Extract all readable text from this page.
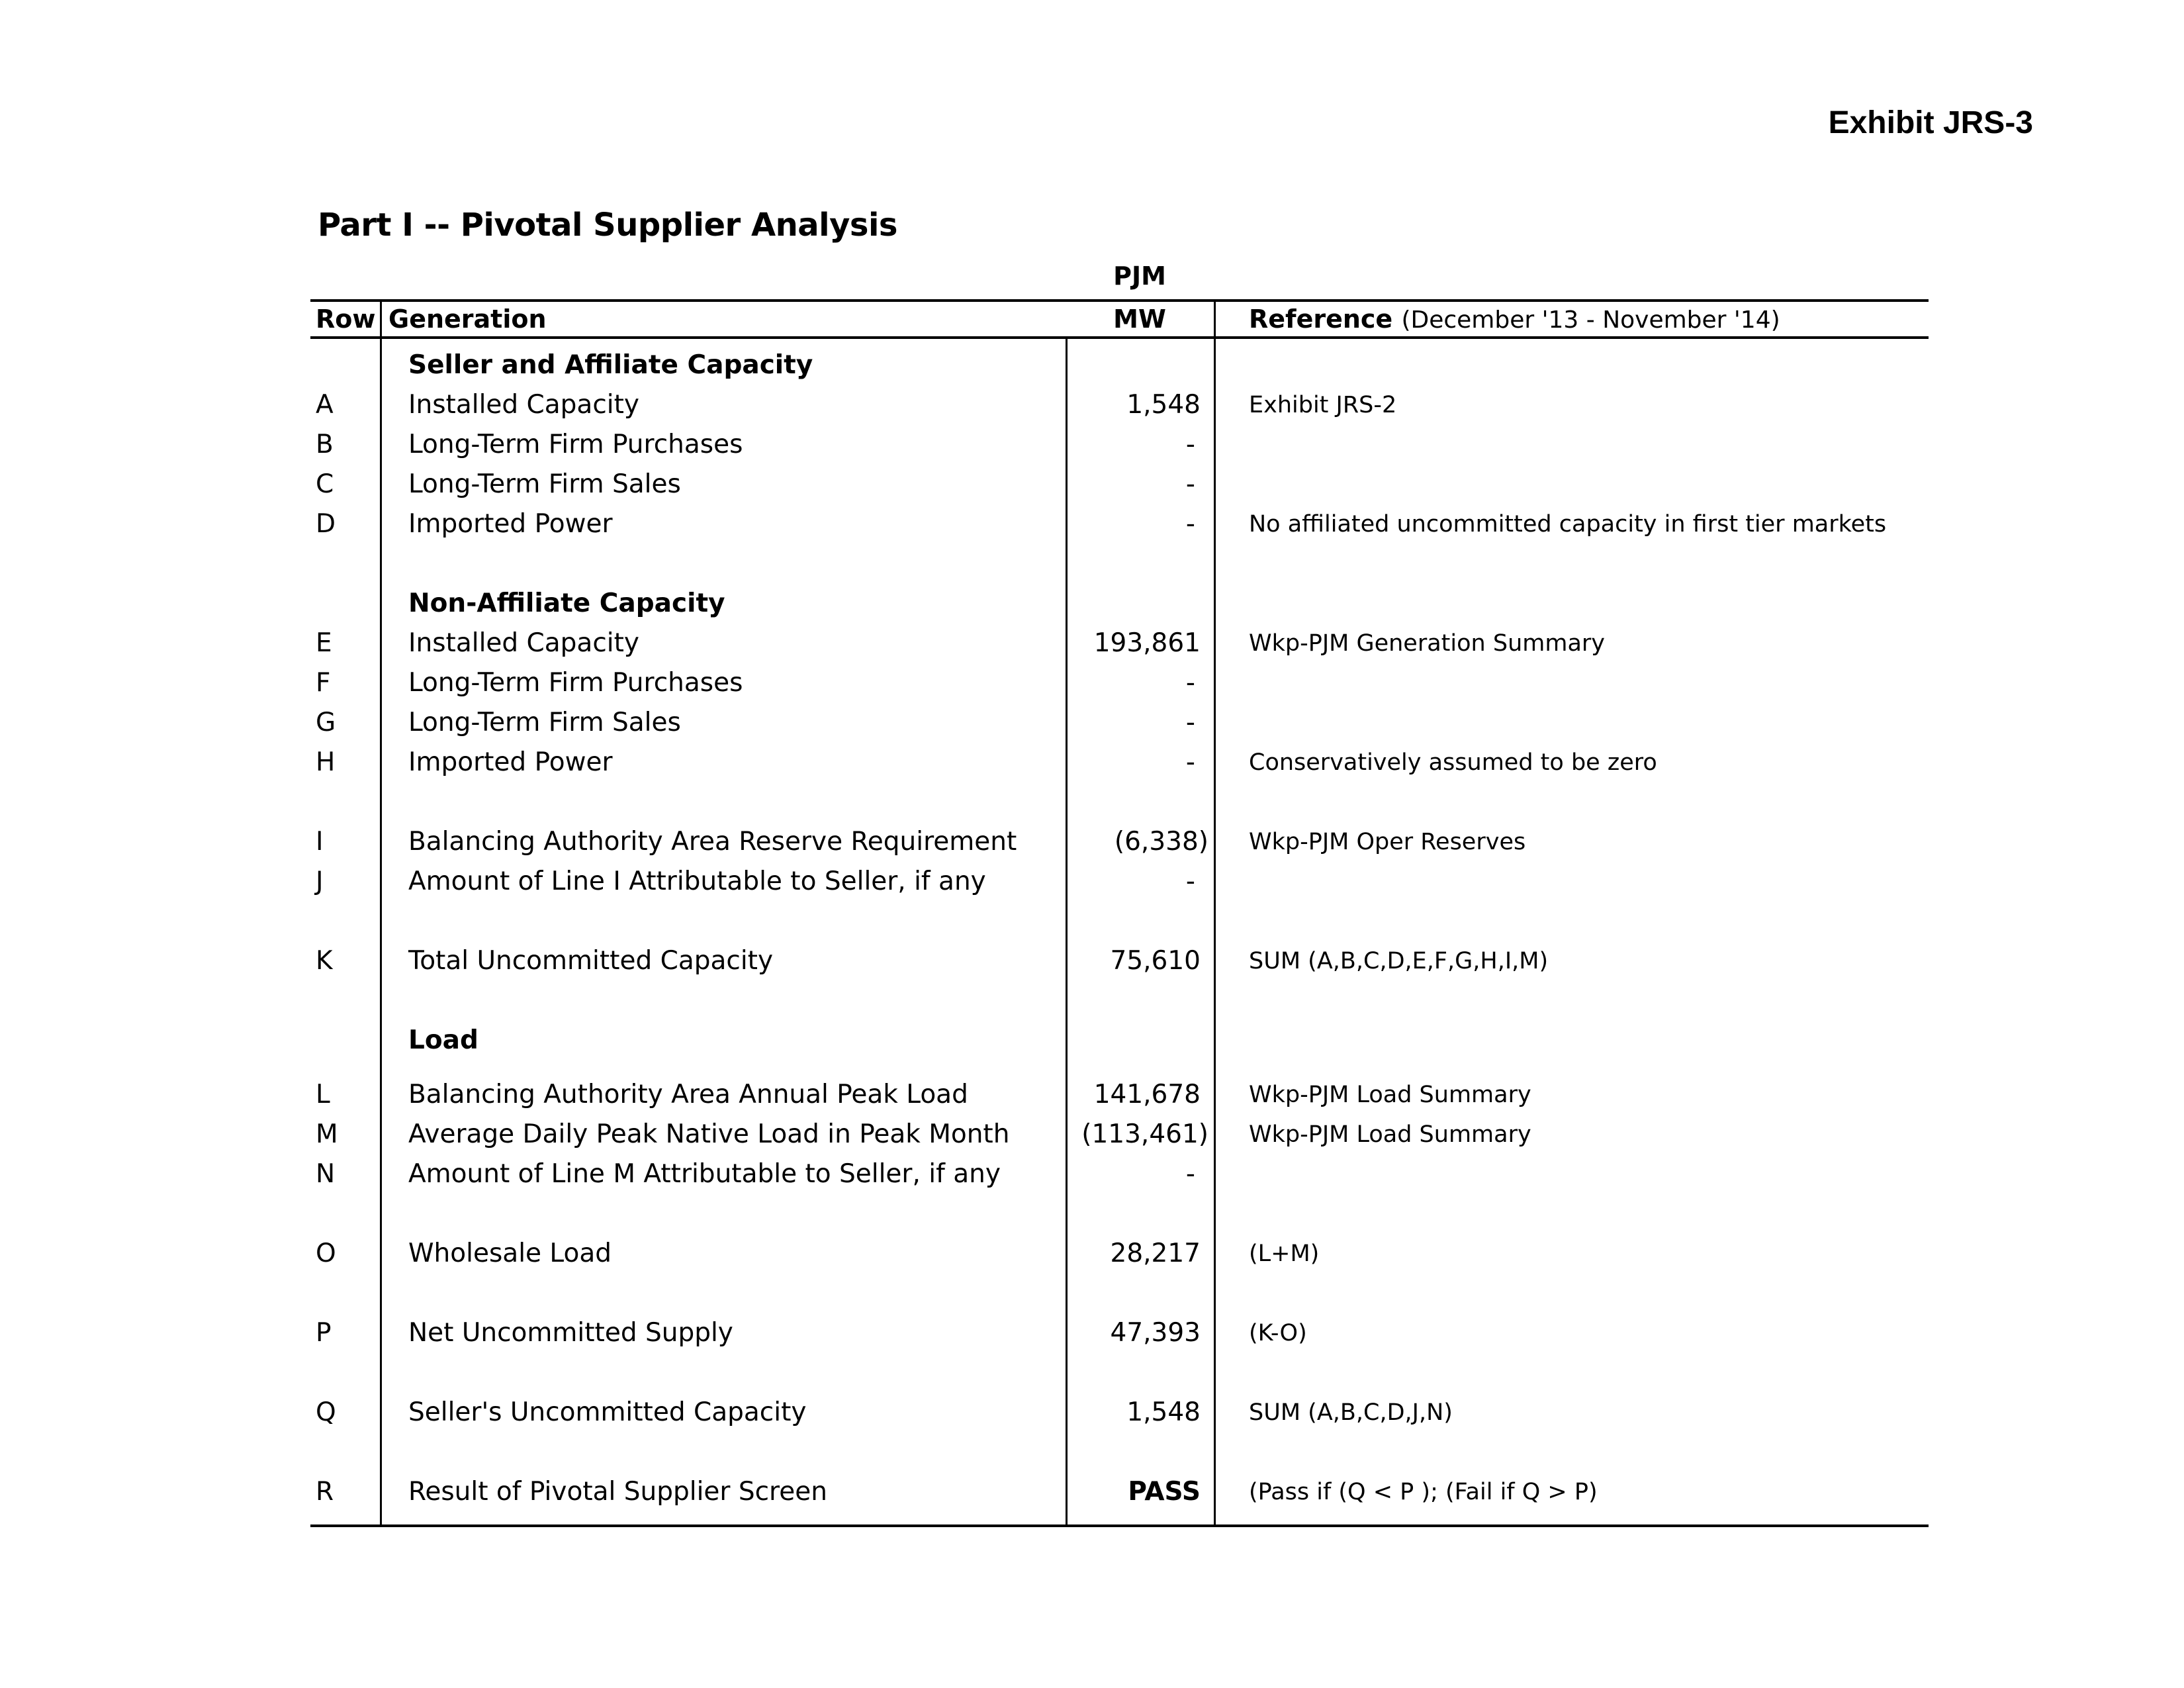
Exhibit JRS-3
Part I -- Pivotal Supplier Analysis
PJM
Row Generation	MW	Reference (December '13 - November '14)
Seller and Affiliate Capacity
A	Installed Capacity	1,548 Exhibit JRS-2
B	Long-Term Firm Purchases	-
C	Long-Term Firm Sales	-
D	Imported Power	- No affiliated uncommitted capacity in first tier markets
Non-Affiliate Capacity
E	Installed Capacity	193,861 Wkp-PJM Generation Summary
F	Long-Term Firm Purchases	-
G	Long-Term Firm Sales	-
H	Imported Power	- Conservatively assumed to be zero
I	Balancing Authority Area Reserve Requirement	(6,338) Wkp-PJM Oper Reserves
J	Amount of Line I Attributable to Seller, if any	-
K	Total Uncommitted Capacity	75,610 SUM (A,B,C,D,E,F,G,H,I,M)
Load
L	Balancing Authority Area Annual Peak Load	141,678 Wkp-PJM Load Summary
M	Average Daily Peak Native Load in Peak Month	(113,461) Wkp-PJM Load Summary
N	Amount of Line M Attributable to Seller, if any	-
O	Wholesale Load	28,217 (L+M)
P	Net Uncommitted Supply	47,393 (K-O)
Q	Seller's Uncommitted Capacity	1,548 SUM (A,B,C,D,J,N)
R	Result of Pivotal Supplier Screen	PASS (Pass if (Q < P ); (Fail if Q > P)
